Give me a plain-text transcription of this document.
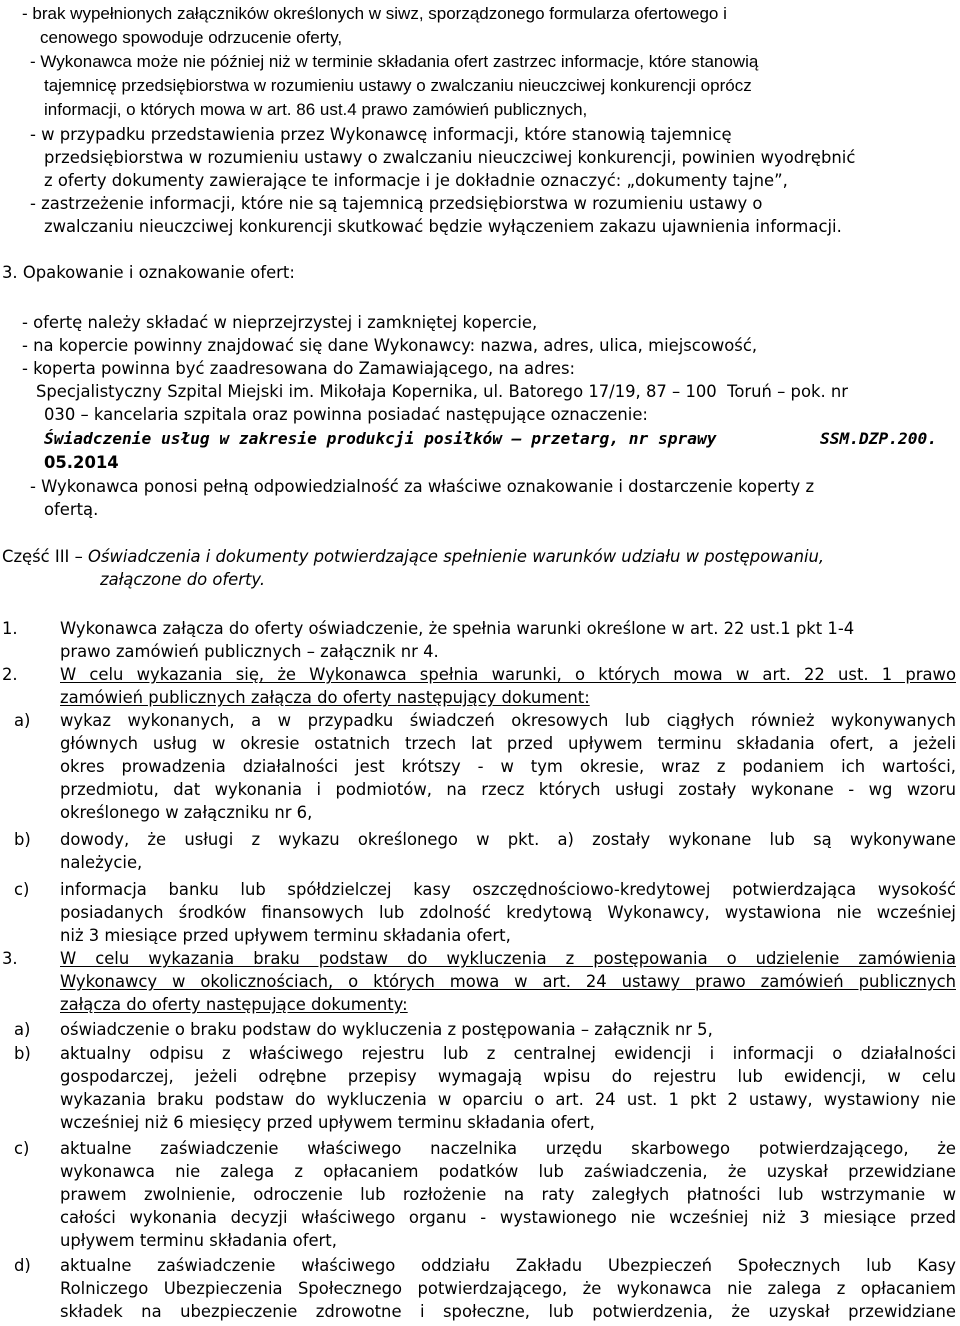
- brak wypełnionych załączników określonych w siwz, sporządzonego formularza ofertowego i
cenowego spowoduje odrzucenie oferty,
- Wykonawca może nie później niż w terminie składania ofert zastrzec informacje, które stanowią
tajemnicę przedsiębiorstwa w rozumieniu ustawy o zwalczaniu nieuczciwej konkurencji oprócz
informacji, o których mowa w art. 86 ust.4 prawo zamówień publicznych,
- w przypadku przedstawienia przez Wykonawcę informacji, które stanowią tajemnicę
przedsiębiorstwa w rozumieniu ustawy o zwalczaniu nieuczciwej konkurencji, powinien wyodrębnić
z oferty dokumenty zawierające te informacje i je dokładnie oznaczyć: „dokumenty tajne”,
- zastrzeżenie informacji, które nie są tajemnicą przedsiębiorstwa w rozumieniu ustawy o
zwalczaniu nieuczciwej konkurencji skutkować będzie wyłączeniem zakazu ujawnienia informacji.
3. Opakowanie i oznakowanie ofert:
- ofertę należy składać w nieprzejrzystej i zamkniętej kopercie,
- na kopercie powinny znajdować się dane Wykonawcy: nazwa, adres, ulica, miejscowość,
- koperta powinna być zaadresowana do Zamawiającego, na adres:
Specjalistyczny Szpital Miejski im. Mikołaja Kopernika, ul. Batorego 17/19, 87 – 100  Toruń – pok. nr
030 – kancelaria szpitala oraz powinna posiadać następujące oznaczenie:
Świadczenie usług w zakresie produkcji posiłków – przetarg, nr sprawy	SSM.DZP.200.
05.2014
- Wykonawca ponosi pełną odpowiedzialność za właściwe oznakowanie i dostarczenie koperty z
ofertą.
Część III – Oświadczenia i dokumenty potwierdzające spełnienie warunków udziału w postępowaniu,
załączone do oferty.
1.	Wykonawca załącza do oferty oświadczenie, że spełnia warunki określone w art. 22 ust.1 pkt 1-4
prawo zamówień publicznych – załącznik nr 4.
2.	W celu wykazania się, że Wykonawca spełnia warunki, o których mowa w art. 22 ust. 1 prawo
zamówień publicznych załącza do oferty następujący dokument:
a) wykaz wykonanych, a w przypadku świadczeń okresowych lub ciągłych również wykonywanych
głównych usług w okresie ostatnich trzech lat przed upływem terminu składania ofert, a jeżeli
okres prowadzenia działalności jest krótszy - w tym okresie, wraz z podaniem ich wartości,
przedmiotu, dat wykonania i podmiotów, na rzecz których usługi zostały wykonane - wg wzoru
określonego w załączniku nr 6,
b) dowody, że usługi z wykazu określonego w pkt. a) zostały wykonane lub są wykonywane
należycie,
c) informacja banku lub spółdzielczej kasy oszczędnościowo-kredytowej potwierdzająca wysokość
posiadanych środków finansowych lub zdolność kredytową Wykonawcy, wystawiona nie wcześniej
niż 3 miesiące przed upływem terminu składania ofert,
3.	W celu wykazania braku podstaw do wykluczenia z postępowania o udzielenie zamówienia
Wykonawcy w okolicznościach, o których mowa w art. 24 ustawy prawo zamówień publicznych
załącza do oferty następujące dokumenty:
a) oświadczenie o braku podstaw do wykluczenia z postępowania – załącznik nr 5,
b) aktualny odpisu z właściwego rejestru lub z centralnej ewidencji i informacji o działalności
gospodarczej, jeżeli odrębne przepisy wymagają wpisu do rejestru lub ewidencji, w celu
wykazania braku podstaw do wykluczenia w oparciu o art. 24 ust. 1 pkt 2 ustawy, wystawiony nie
wcześniej niż 6 miesięcy przed upływem terminu składania ofert,
c) aktualne zaświadczenie właściwego naczelnika urzędu skarbowego potwierdzającego, że
wykonawca nie zalega z opłacaniem podatków lub zaświadczenia, że uzyskał przewidziane
prawem zwolnienie, odroczenie lub rozłożenie na raty zaległych płatności lub wstrzymanie w
całości wykonania decyzji właściwego organu - wystawionego nie wcześniej niż 3 miesiące przed
upływem terminu składania ofert,
d) aktualne zaświadczenie właściwego oddziału Zakładu Ubezpieczeń Społecznych lub Kasy
Rolniczego Ubezpieczenia Społecznego potwierdzającego, że wykonawca nie zalega z opłacaniem
składek na ubezpieczenie zdrowotne i społeczne, lub potwierdzenia, że uzyskał przewidziane
